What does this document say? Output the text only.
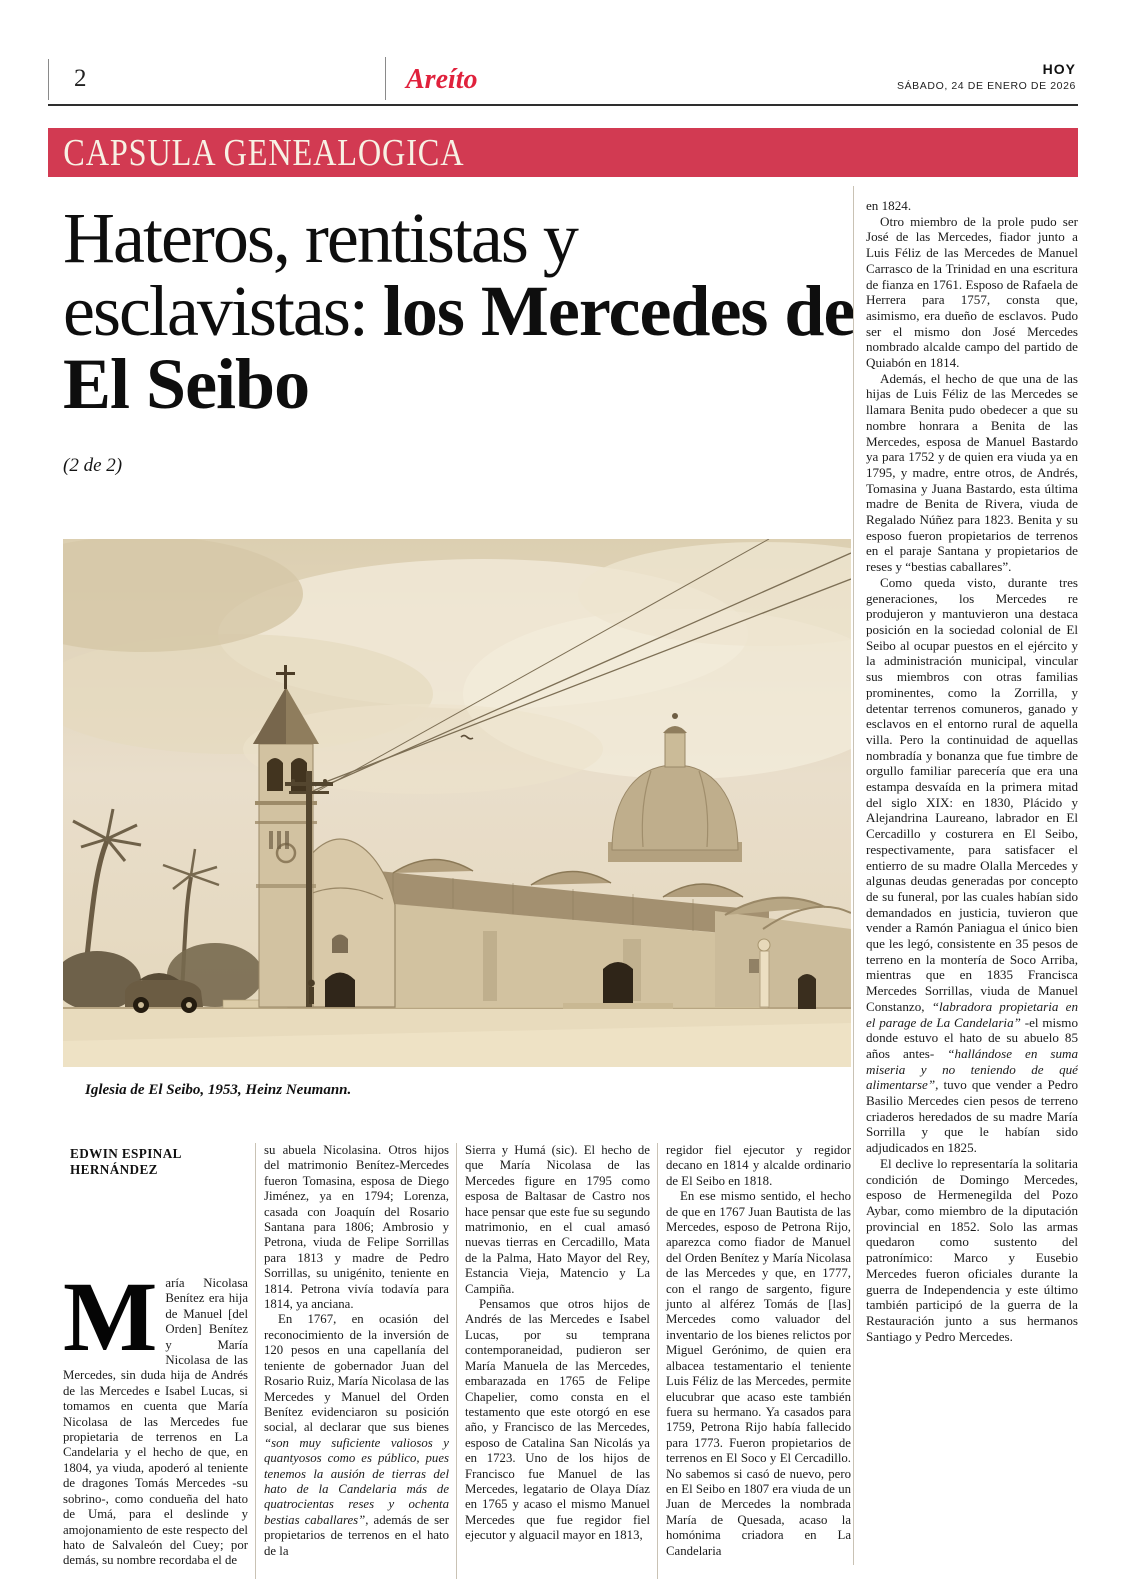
2	Areíto	HOY
SÁBADO, 24 DE ENERO DE 2026
CAPSULA GENEALOGICA
Hateros, rentistas y esclavistas: los Mercedes de El Seibo
(2 de 2)
Iglesia de El Seibo, 1953, Heinz Neumann.
EDWIN ESPINAL HERNÁNDEZ

María Nicolasa Benítez era hija de Manuel [del Orden] Benítez y María Nicolasa de las Mercedes, sin duda hija de Andrés de las Mercedes e Isabel Lucas, si tomamos en cuenta que María Nicolasa de las Mercedes fue propietaria de terrenos en La Candelaria y el hecho de que, en 1804, ya viuda, apoderó al teniente de dragones Tomás Mercedes -su sobrino-, como condueña del hato de Umá, para el deslinde y amojonamiento de este respecto del hato de Salvaleón del Cuey; por demás, su nombre recordaba el de

su abuela Nicolasina. Otros hijos del matrimonio Benítez-Mercedes fueron Tomasina, esposa de Diego Jiménez, ya en 1794; Lorenza, casada con Joaquín del Rosario Santana para 1806; Ambrosio y Petrona, viuda de Felipe Sorrillas para 1813 y madre de Pedro Sorrillas, su unigénito, teniente en 1814. Petrona vivía todavía para 1814, ya anciana.

En 1767, en ocasión del reconocimiento de la inversión de 120 pesos en una capellanía del teniente de gobernador Juan del Rosario Ruiz, María Nicolasa de las Mercedes y Manuel del Orden Benítez evidenciaron su posición social, al declarar que sus bienes “son muy suficiente valiosos y quantyosos como es público, pues tenemos la ausión de tierras del hato de la Candelaria más de quatrocientas reses y ochenta bestias caballares”, además de ser propietarios de terrenos en el hato de la

Sierra y Humá (sic). El hecho de que María Nicolasa de las Mercedes figure en 1795 como esposa de Baltasar de Castro nos hace pensar que este fue su segundo matrimonio, en el cual amasó nuevas tierras en Cercadillo, Mata de la Palma, Hato Mayor del Rey, Estancia Vieja, Matencio y La Campiña.

Pensamos que otros hijos de Andrés de las Mercedes e Isabel Lucas, por su temprana contemporaneidad, pudieron ser María Manuela de las Mercedes, embarazada en 1765 de Felipe Chapelier, como consta en el testamento que este otorgó en ese año, y Francisco de las Mercedes, esposo de Catalina San Nicolás ya en 1723. Uno de los hijos de Francisco fue Manuel de las Mercedes, legatario de Olaya Díaz en 1765 y acaso el mismo Manuel Mercedes que fue regidor fiel ejecutor y alguacil mayor en 1813,

regidor fiel ejecutor y regidor decano en 1814 y alcalde ordinario de El Seibo en 1818.

En ese mismo sentido, el hecho de que en 1767 Juan Bautista de las Mercedes, esposo de Petrona Rijo, aparezca como fiador de Manuel del Orden Benítez y María Nicolasa de las Mercedes y que, en 1777, con el rango de sargento, figure junto al alférez Tomás de [las] Mercedes como valuador del inventario de los bienes relictos por Miguel Gerónimo, de quien era albacea testamentario el teniente Luis Féliz de las Mercedes, permite elucubrar que acaso este también fuera su hermano. Ya casados para 1759, Petrona Rijo había fallecido para 1773. Fueron propietarios de terrenos en El Soco y El Cercadillo. No sabemos si casó de nuevo, pero en El Seibo en 1807 era viuda de un Juan de Mercedes la nombrada María de Quesada, acaso la homónima criadora en La Candelaria

en 1824.

Otro miembro de la prole pudo ser José de las Mercedes, fiador junto a Luis Féliz de las Mercedes de Manuel Carrasco de la Trinidad en una escritura de fianza en 1761. Esposo de Rafaela de Herrera para 1757, consta que, asimismo, era dueño de esclavos. Pudo ser el mismo don José Mercedes nombrado alcalde campo del partido de Quiabón en 1814.

Además, el hecho de que una de las hijas de Luis Féliz de las Mercedes se llamara Benita pudo obedecer a que su nombre honrara a Benita de las Mercedes, esposa de Manuel Bastardo ya para 1752 y de quien era viuda ya en 1795, y madre, entre otros, de Andrés, Tomasina y Juana Bastardo, esta última madre de Benita de Rivera, viuda de Regalado Núñez para 1823. Benita y su esposo fueron propietarios de terrenos en el paraje Santana y propietarios de reses y “bestias caballares”.

Como queda visto, durante tres generaciones, los Mercedes re produjeron y mantuvieron una destaca posición en la sociedad colonial de El Seibo al ocupar puestos en el ejército y la administración municipal, vincular sus miembros con otras familias prominentes, como la Zorrilla, y detentar terrenos comuneros, ganado y esclavos en el entorno rural de aquella villa. Pero la continuidad de aquellas nombradía y bonanza que fue timbre de orgullo familiar parecería que era una estampa desvaída en la primera mitad del siglo XIX: en 1830, Plácido y Alejandrina Laureano, labrador en El Cercadillo y costurera en El Seibo, respectivamente, para satisfacer el entierro de su madre Olalla Mercedes y algunas deudas generadas por concepto de su funeral, por las cuales habían sido demandados en justicia, tuvieron que vender a Ramón Paniagua el único bien que les legó, consistente en 35 pesos de terreno en la montería de Soco Arriba, mientras que en 1835 Francisca Mercedes Sorrillas, viuda de Manuel Constanzo, “labradora propietaria en el parage de La Candelaria” -el mismo donde estuvo el hato de su abuelo 85 años antes- “hallándose en suma miseria y no teniendo de qué alimentarse”, tuvo que vender a Pedro Basilio Mercedes cien pesos de terreno criaderos heredados de su madre María Sorrilla y que le habían sido adjudicados en 1825.

El declive lo representaría la solitaria condición de Domingo Mercedes, esposo de Hermenegilda del Pozo Aybar, como miembro de la diputación provincial en 1852. Solo las armas quedaron como sustento del patronímico: Marco y Eusebio Mercedes fueron oficiales durante la guerra de Independencia y este último también participó de la guerra de la Restauración junto a sus hermanos Santiago y Pedro Mercedes.
